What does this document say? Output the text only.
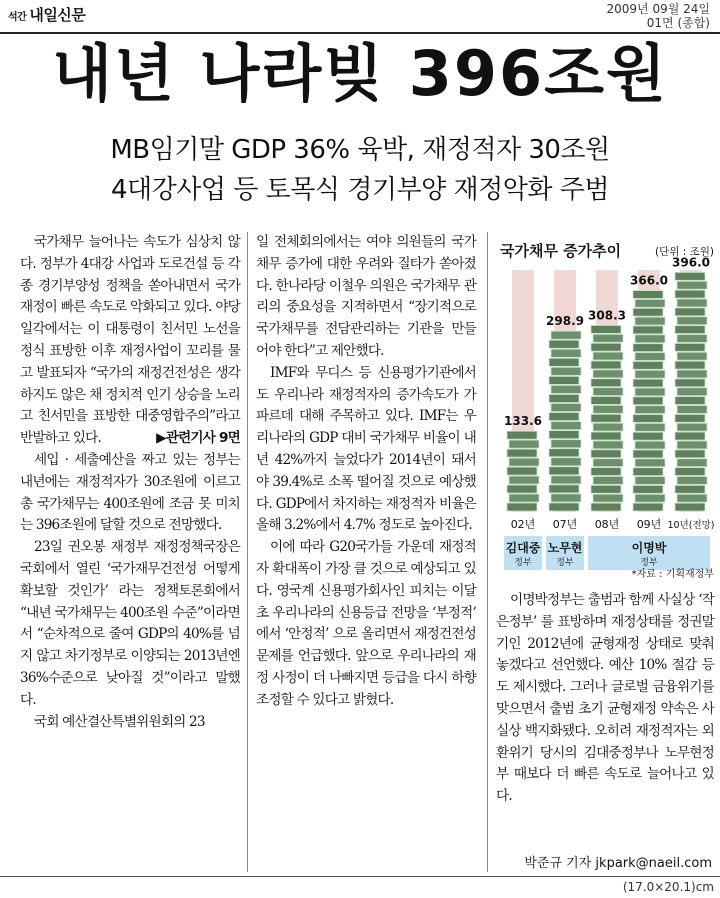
석간 내일신문	2009년 09월 24일
01면 (종합)
내년 나라빚 396조원
MB임기말 GDP 36% 육박, 재정적자 30조원
4대강사업 등 토목식 경기부양 재정악화 주범

국가채무 늘어나는 속도가 심상치 않다. 정부가 4대강 사업과 도로건설 등 각종 경기부양성 정책을 쏟아내면서 국가재정이 빠른 속도로 악화되고 있다. 야당 일각에서는 이 대통령이 친서민 노선을 정식 표방한 이후 재정사업이 꼬리를 물고 발표되자 “국가의 재정건전성은 생각하지도 않은 채 정치적 인기 상승을 노리고 친서민을 표방한 대중영합주의”라고 반발하고 있다.	▶관련기사 9면

세입 · 세출예산을 짜고 있는 정부는 내년에는 재정적자가 30조원에 이르고 총 국가채무는 400조원에 조금 못 미치는 396조원에 달할 것으로 전망했다.

23일 권오봉 재정부 재정정책국장은 국회에서 열린 ‘국가재무건전성 어떻게 확보할 것인가’ 라는 정책토론회에서 “내년 국가채무는 400조원 수준”이라면서 “순차적으로 줄여 GDP의 40%를 넘지 않고 차기정부로 이양되는 2013년엔 36%수준으로 낮아질 것”이라고 말했다.

국회 예산결산특별위원회의 23

일 전체회의에서는 여야 의원들의 국가채무 증가에 대한 우려와 질타가 쏟아졌다. 한나라당 이철우 의원은 국가채무 관리의 중요성을 지적하면서 “장기적으로 국가채무를 전담관리하는 기관을 만들어야 한다”고 제안했다.

IMF와 무디스 등 신용평가기관에서도 우리나라 재정적자의 증가속도가 가파르데 대해 주목하고 있다. IMF는 우리나라의 GDP 대비 국가채무 비율이 내년 42%까지 늘었다가 2014년이 돼서야 39.4%로 소폭 떨어질 것으로 예상했다. GDP에서 차지하는 재정적자 비율은 올해 3.2%에서 4.7% 정도로 높아진다.

이에 따라 G20국가들 가운데 재정적자 확대폭이 가장 클 것으로 예상되고 있다. 영국계 신용평가회사인 피치는 이달 초 우리나라의 신용등급 전망을 ‘부정적’ 에서 ‘안정적’ 으로 올리면서 재정건전성 문제를 언급했다. 앞으로 우리나라의 재정 사정이 더 나빠지면 등급을 다시 하향 조정할 수 있다고 밝혔다.

국가채무 증가추이	(단위 : 조원)
133.6
02년
298.9
07년
308.3
08년
366.0
09년
396.0
10년(전망)
김대중
정부
노무현
정부
이명박
정부
*자료 : 기획재정부

이명박정부는 출범과 함께 사실상 ‘작은정부’ 를 표방하며 재정상태를 정권말기인 2012년에 균형재정 상태로 맞춰놓겠다고 선언했다. 예산 10% 절감 등도 제시했다. 그러나 글로벌 금융위기를 맞으면서 출범 초기 균형재정 약속은 사실상 백지화됐다. 오히려 재정적자는 외환위기 당시의 김대중정부나 노무현정부 때보다 더 빠른 속도로 늘어나고 있다.

박준규 기자 jkpark@naeil.com
(17.0×20.1)cm
